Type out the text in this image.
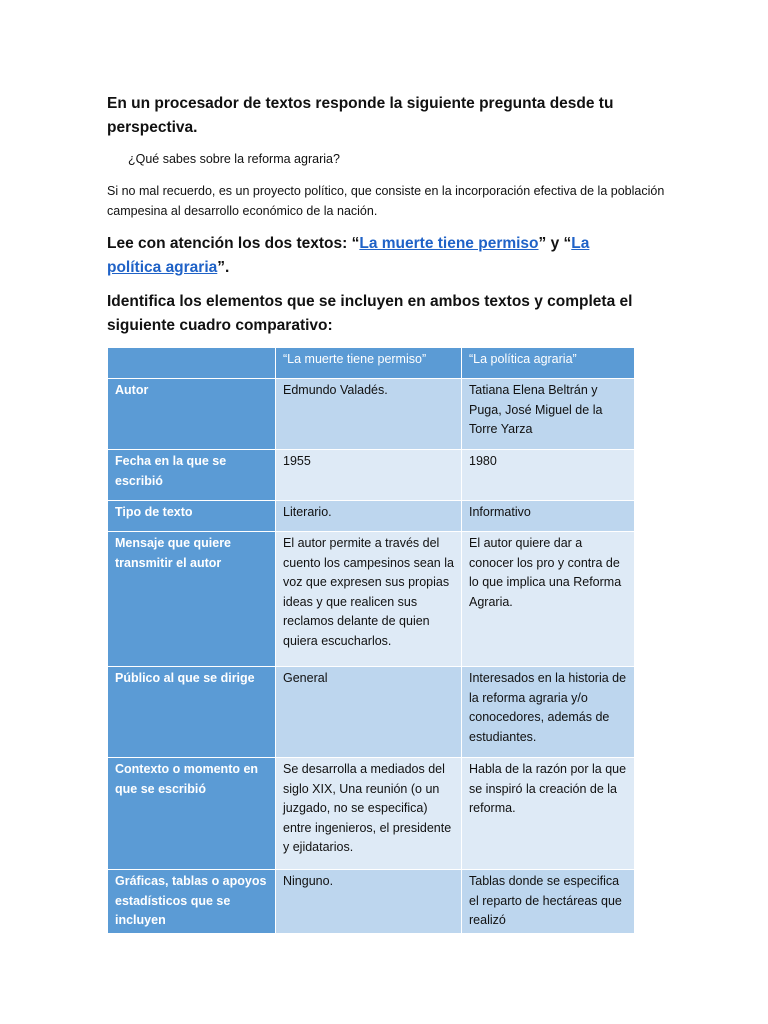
En un procesador de textos responde la siguiente pregunta desde tu perspectiva.

¿Qué sabes sobre la reforma agraria?

Si no mal recuerdo, es un proyecto político, que consiste en la incorporación efectiva de la población campesina al desarrollo económico de la nación.

Lee con atención los dos textos: “La muerte tiene permiso” y “La política agraria”.

Identifica los elementos que se incluyen en ambos textos y completa el siguiente cuadro comparativo:

	“La muerte tiene permiso”	“La política agraria”
Autor	Edmundo Valadés.	Tatiana Elena Beltrán y Puga, José Miguel de la Torre Yarza
Fecha en la que se escribió	1955	1980
Tipo de texto	Literario.	Informativo
Mensaje que quiere transmitir el autor	El autor permite a través del cuento los campesinos sean la voz que expresen sus propias ideas y que realicen sus reclamos delante de quien quiera escucharlos.	El autor quiere dar a conocer los pro y contra de lo que implica una Reforma Agraria.
Público al que se dirige	General	Interesados en la historia de la reforma agraria y/o conocedores, además de estudiantes.
Contexto o momento en que se escribió	Se desarrolla a mediados del siglo XIX, Una reunión (o un juzgado, no se especifica) entre ingenieros, el presidente y ejidatarios.	Habla de la razón por la que se inspiró la creación de la reforma.
Gráficas, tablas o apoyos estadísticos que se incluyen	Ninguno.	Tablas donde se especifica el reparto de hectáreas que realizó
